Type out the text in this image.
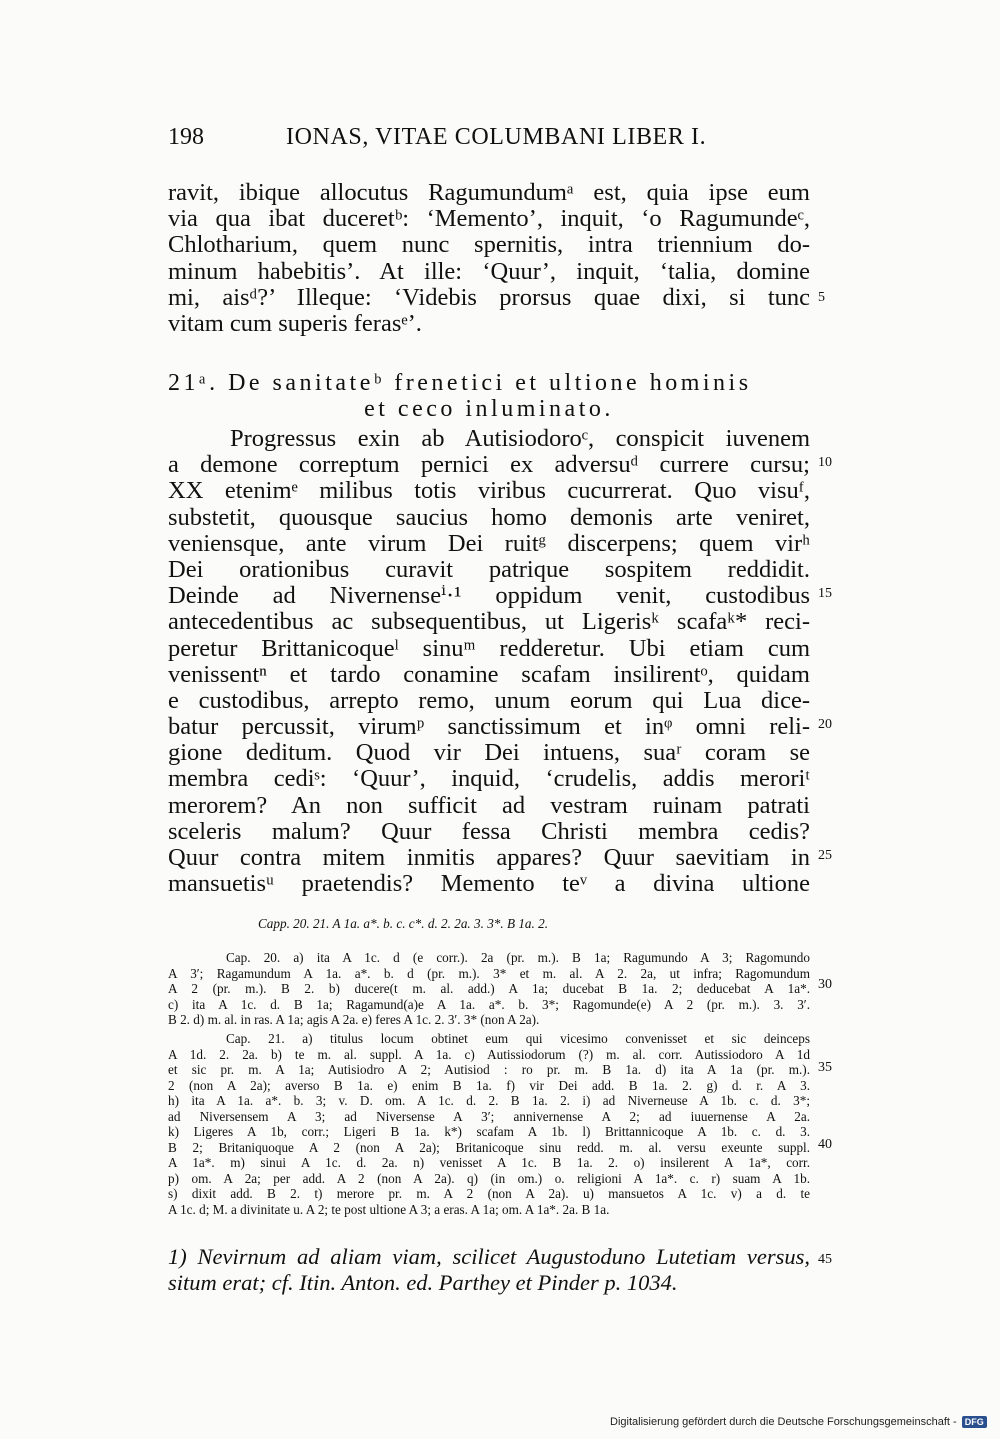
198	IONAS, VITAE COLUMBANI LIBER I.
ravit, ibique allocutus Ragumundumᵃ est, quia ipse eum
via qua ibat duceretᵇ: ‘Memento’, inquit, ‘o Ragumundeᶜ,
Chlotharium, quem nunc spernitis, intra triennium do-
minum habebitis’. At ille: ‘Quur’, inquit, ‘talia, domine
mi, aisᵈ?’ Illeque: ‘Videbis prorsus quae dixi, si tunc
vitam cum superis ferasᵉ’.
21ᵃ. De sanitateᵇ frenetici et ultione hominis
et ceco inluminato.
Progressus exin ab Autisiodoroᶜ, conspicit iuvenem
a demone correptum pernici ex adversuᵈ currere cursu;
XX etenimᵉ milibus totis viribus cucurrerat. Quo visuᶠ,
substetit, quousque saucius homo demonis arte veniret,
veniensque, ante virum Dei ruitᵍ discerpens; quem virʰ
Dei orationibus curavit patrique sospitem reddidit.
Deinde ad Nivernenseⁱ·¹ oppidum venit, custodibus
antecedentibus ac subsequentibus, ut Ligerisᵏ scafaᵏ* reci-
peretur Brittanicoqueˡ sinuᵐ redderetur. Ubi etiam cum
venissentⁿ et tardo conamine scafam insilirentᵒ, quidam
e custodibus, arrepto remo, unum eorum qui Lua dice-
batur percussit, virumᵖ sanctissimum et inᵠ omni reli-
gione deditum. Quod vir Dei intuens, suaʳ coram se
membra cediˢ: ‘Quur’, inquid, ‘crudelis, addis meroriᵗ
merorem? An non sufficit ad vestram ruinam patrati
sceleris malum? Quur fessa Christi membra cedis?
Quur contra mitem inmitis appares? Quur saevitiam in
mansuetisᵘ praetendis? Memento teᵛ a divina ultione
5
10
15
20
25
30
35
40
45
Capp. 20. 21. A 1a. a*. b. c. c*. d. 2. 2a. 3. 3*. B 1a. 2.
Cap. 20. a) ita A 1c. d (e corr.). 2a (pr. m.). B 1a; Ragumundo A 3; Ragomundo
A 3′; Ragamundum A 1a. a*. b. d (pr. m.). 3* et m. al. A 2. 2a, ut infra; Ragomundum
A 2 (pr. m.). B 2. b) ducere(t m. al. add.) A 1a; ducebat B 1a. 2; deducebat A 1a*.
c) ita A 1c. d. B 1a; Ragamund(a)e A 1a. a*. b. 3*; Ragomunde(e) A 2 (pr. m.). 3. 3′.
B 2. d) m. al. in ras. A 1a; agis A 2a. e) feres A 1c. 2. 3′. 3* (non A 2a).
Cap. 21. a) titulus locum obtinet eum qui vicesimo convenisset et sic deinceps
A 1d. 2. 2a. b) te m. al. suppl. A 1a. c) Autissiodorum (?) m. al. corr. Autissiodoro A 1d
et sic pr. m. A 1a; Autisiodro A 2; Autisiod : ro pr. m. B 1a. d) ita A 1a (pr. m.).
2 (non A 2a); averso B 1a. e) enim B 1a. f) vir Dei add. B 1a. 2. g) d. r. A 3.
h) ita A 1a. a*. b. 3; v. D. om. A 1c. d. 2. B 1a. 2. i) ad Niverneuse A 1b. c. d. 3*;
ad Niversensem A 3; ad Niversense A 3′; annivernense A 2; ad iuuernense A 2a.
k) Ligeres A 1b, corr.; Ligeri B 1a. k*) scafam A 1b. l) Brittannicoque A 1b. c. d. 3.
B 2; Britaniquoque A 2 (non A 2a); Britanicoque sinu redd. m. al. versu exeunte suppl.
A 1a*. m) sinui A 1c. d. 2a. n) venisset A 1c. B 1a. 2. o) insilerent A 1a*, corr.
p) om. A 2a; per add. A 2 (non A 2a). q) (in om.) o. religioni A 1a*. c. r) suam A 1b.
s) dixit add. B 2. t) merore pr. m. A 2 (non A 2a). u) mansuetos A 1c. v) a d. te
A 1c. d; M. a divinitate u. A 2; te post ultione A 3; a eras. A 1a; om. A 1a*. 2a. B 1a.
1) Nevirnum ad aliam viam, scilicet Augustoduno Lutetiam versus,
situm erat; cf. Itin. Anton. ed. Parthey et Pinder p. 1034.
Digitalisierung gefördert durch die Deutsche Forschungsgemeinschaft - DFG
